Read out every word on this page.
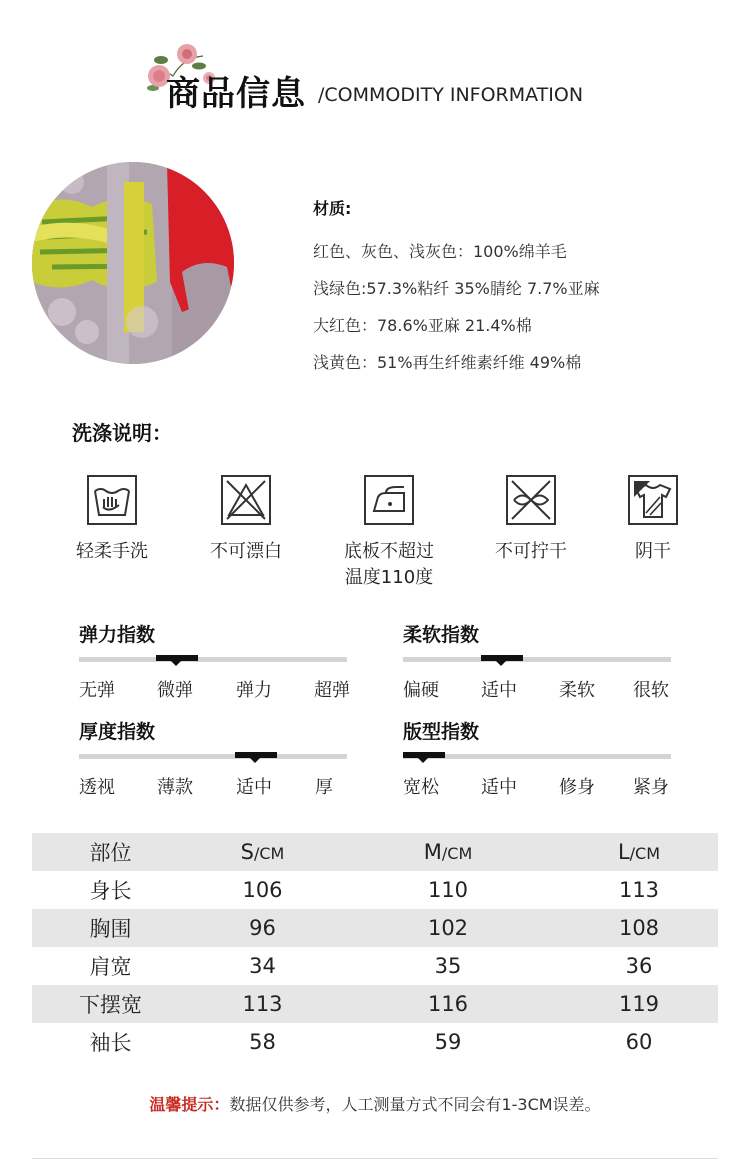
商品信息 /COMMODITY INFORMATION
材质:
红色、灰色、浅灰色：100%绵羊毛
浅绿色:57.3%粘纤 35%腈纶 7.7%亚麻
大红色：78.6%亚麻 21.4%棉
浅黄色：51%再生纤维素纤维 49%棉
洗涤说明：
轻柔手洗	不可漂白	底板不超过
温度110度
不可拧干	阴干
弹力指数
无弹 微弹 弹力 超弹
柔软指数
偏硬 适中 柔软 很软
厚度指数
透视 薄款 适中 厚
版型指数
宽松 适中 修身 紧身
部位	S/CM	M/CM	L/CM
身长	106	110	113
胸围	96	102	108
肩宽	34	35	36
下摆宽	113	116	119
袖长	58	59	60
温馨提示：数据仅供参考，人工测量方式不同会有1-3CM误差。
